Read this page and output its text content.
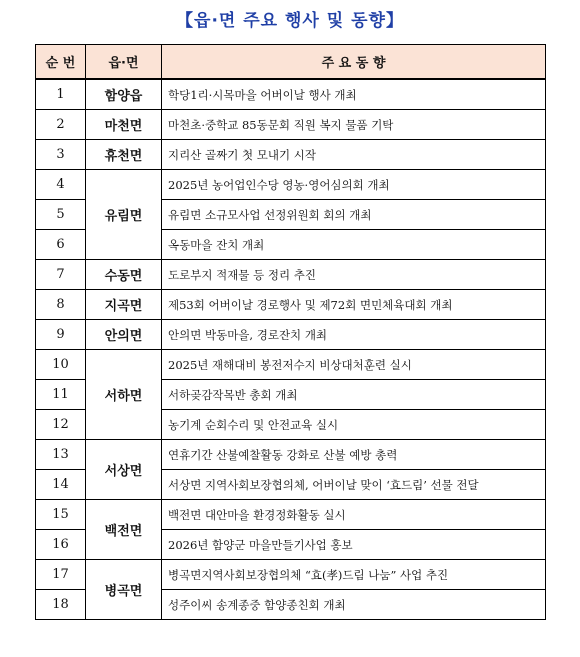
【읍·면 주요 행사 및 동향】
순 번	읍·면	주 요 동 향
1	함양읍	학당1리·시목마을 어버이날 행사 개최
2	마천면	마천초·중학교 85동문회 직원 복지 물품 기탁
3	휴천면	지리산 골짜기 첫 모내기 시작
4	유림면	2025년 농어업인수당 영농·영어심의회 개최
5		유림면 소규모사업 선정위원회 회의 개최
6		옥동마을 잔치 개최
7	수동면	도로부지 적재물 등 정리 추진
8	지곡면	제53회 어버이날 경로행사 및 제72회 면민체육대회 개최
9	안의면	안의면 박동마을, 경로잔치 개최
10	서하면	2025년 재해대비 봉전저수지 비상대처훈련 실시
11		서하곶감작목반 총회 개최
12		농기계 순회수리 및 안전교육 실시
13	서상면	연휴기간 산불예찰활동 강화로 산불 예방 총력
14		서상면 지역사회보장협의체, 어버이날 맞이 ‘효드림’ 선물 전달
15	백전면	백전면 대안마을 환경정화활동 실시
16		2026년 함양군 마을만들기사업 홍보
17	병곡면	병곡면지역사회보장협의체 “효(孝)드림 나눔” 사업 추진
18		성주이씨 송계종중 함양종친회 개최
